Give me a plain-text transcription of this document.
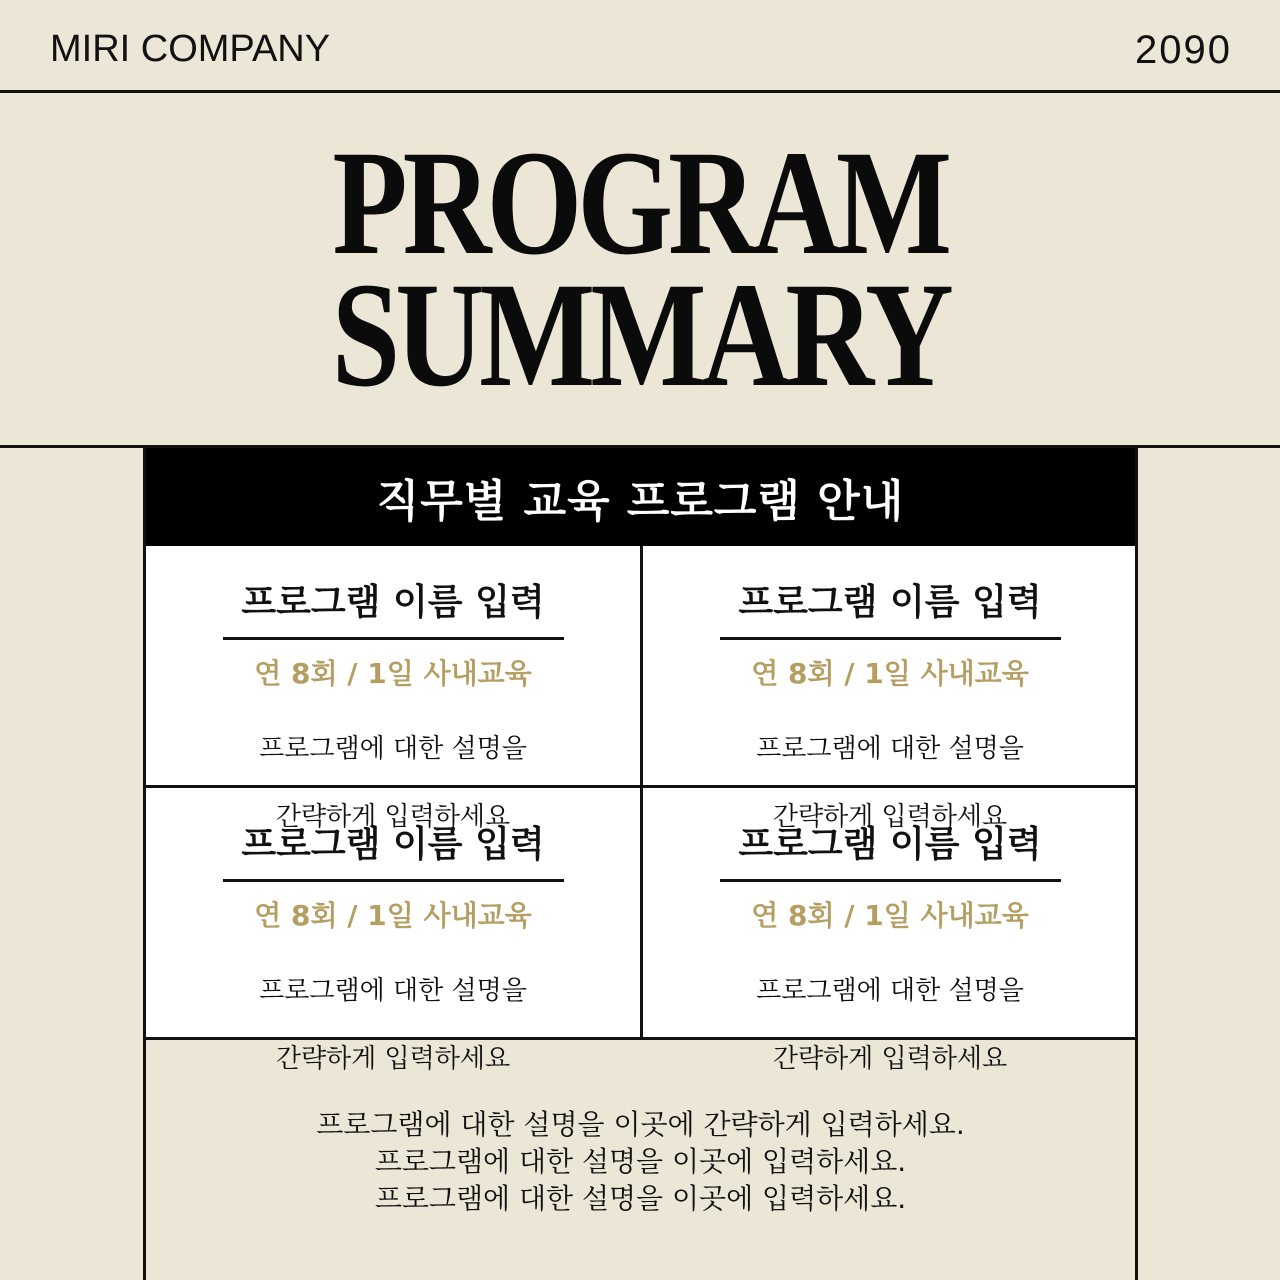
MIRI COMPANY	2090
PROGRAM
SUMMARY
직무별 교육 프로그램 안내
프로그램 이름 입력
연 8회 / 1일 사내교육

프로그램에 대한 설명을

간략하게 입력하세요

프로그램 이름 입력
연 8회 / 1일 사내교육

프로그램에 대한 설명을

간략하게 입력하세요

프로그램 이름 입력
연 8회 / 1일 사내교육

프로그램에 대한 설명을

간략하게 입력하세요

프로그램 이름 입력
연 8회 / 1일 사내교육

프로그램에 대한 설명을

간략하게 입력하세요

프로그램에 대한 설명을 이곳에 간략하게 입력하세요.
프로그램에 대한 설명을 이곳에 입력하세요.
프로그램에 대한 설명을 이곳에 입력하세요.
